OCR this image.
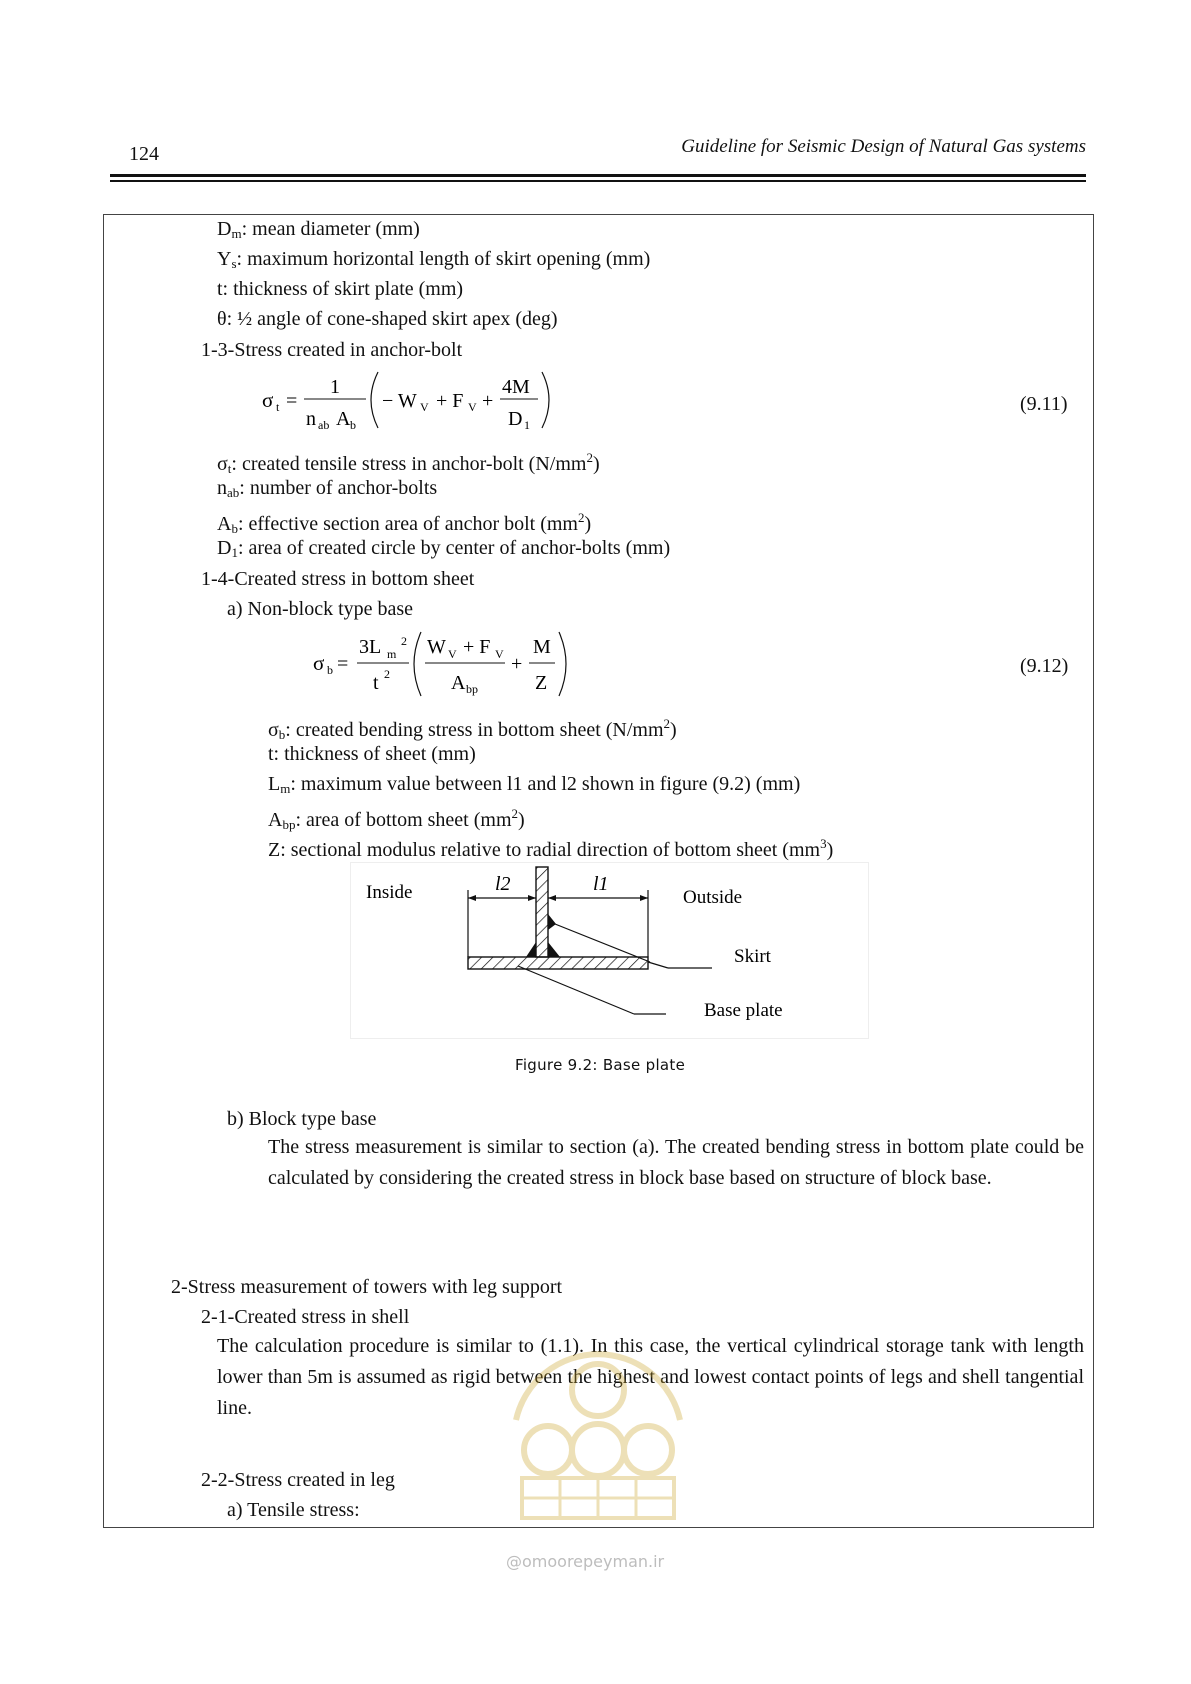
124	Guideline for Seismic Design of Natural Gas systems
$D_m$: mean diameter (mm)
$Y_s$: maximum horizontal length of skirt opening (mm)
t: thickness of skirt plate (mm)
θ: ½ angle of cone-shaped skirt apex (deg)
1-3-Stress created in anchor-bolt
σ t =
1
n ab A b
− W V + F V +
4M
D 1
(9.11)
$\sigma_t$: created tensile stress in anchor-bolt $(N/mm^2)$
$n_{ab}$: number of anchor-bolts
$A_b$: effective section area of anchor bolt $(mm^2)$
$D_1$: area of created circle by center of anchor-bolts (mm)
1-4-Created stress in bottom sheet
a) Non-block type base
σ b =
3L m
2
t 2
W V + F V
A bp
+
M
Z
(9.12)
$\sigma_b$: created bending stress in bottom sheet $(N/mm^2)$
t: thickness of sheet (mm)
$L_m$: maximum value between l1 and l2 shown in figure (9.2) (mm)
$A_{bp}$: area of bottom sheet $(mm^2)$
Z: sectional modulus relative to radial direction of bottom sheet $(mm^3)$
l2	l1
Inside	Outside
Skirt
Base plate
Figure 9.2: Base plate
b) Block type base
The stress measurement is similar to section (a). The created bending stress in bottom plate could be calculated by considering the created stress in block base based on structure of block base.
2-Stress measurement of towers with leg support
2-1-Created stress in shell
The calculation procedure is similar to (1.1). In this case, the vertical cylindrical storage tank with length lower than 5m is assumed as rigid between the highest and lowest contact points of legs and shell tangential line.
2-2-Stress created in leg
a) Tensile stress:
@omoorepeyman.ir
